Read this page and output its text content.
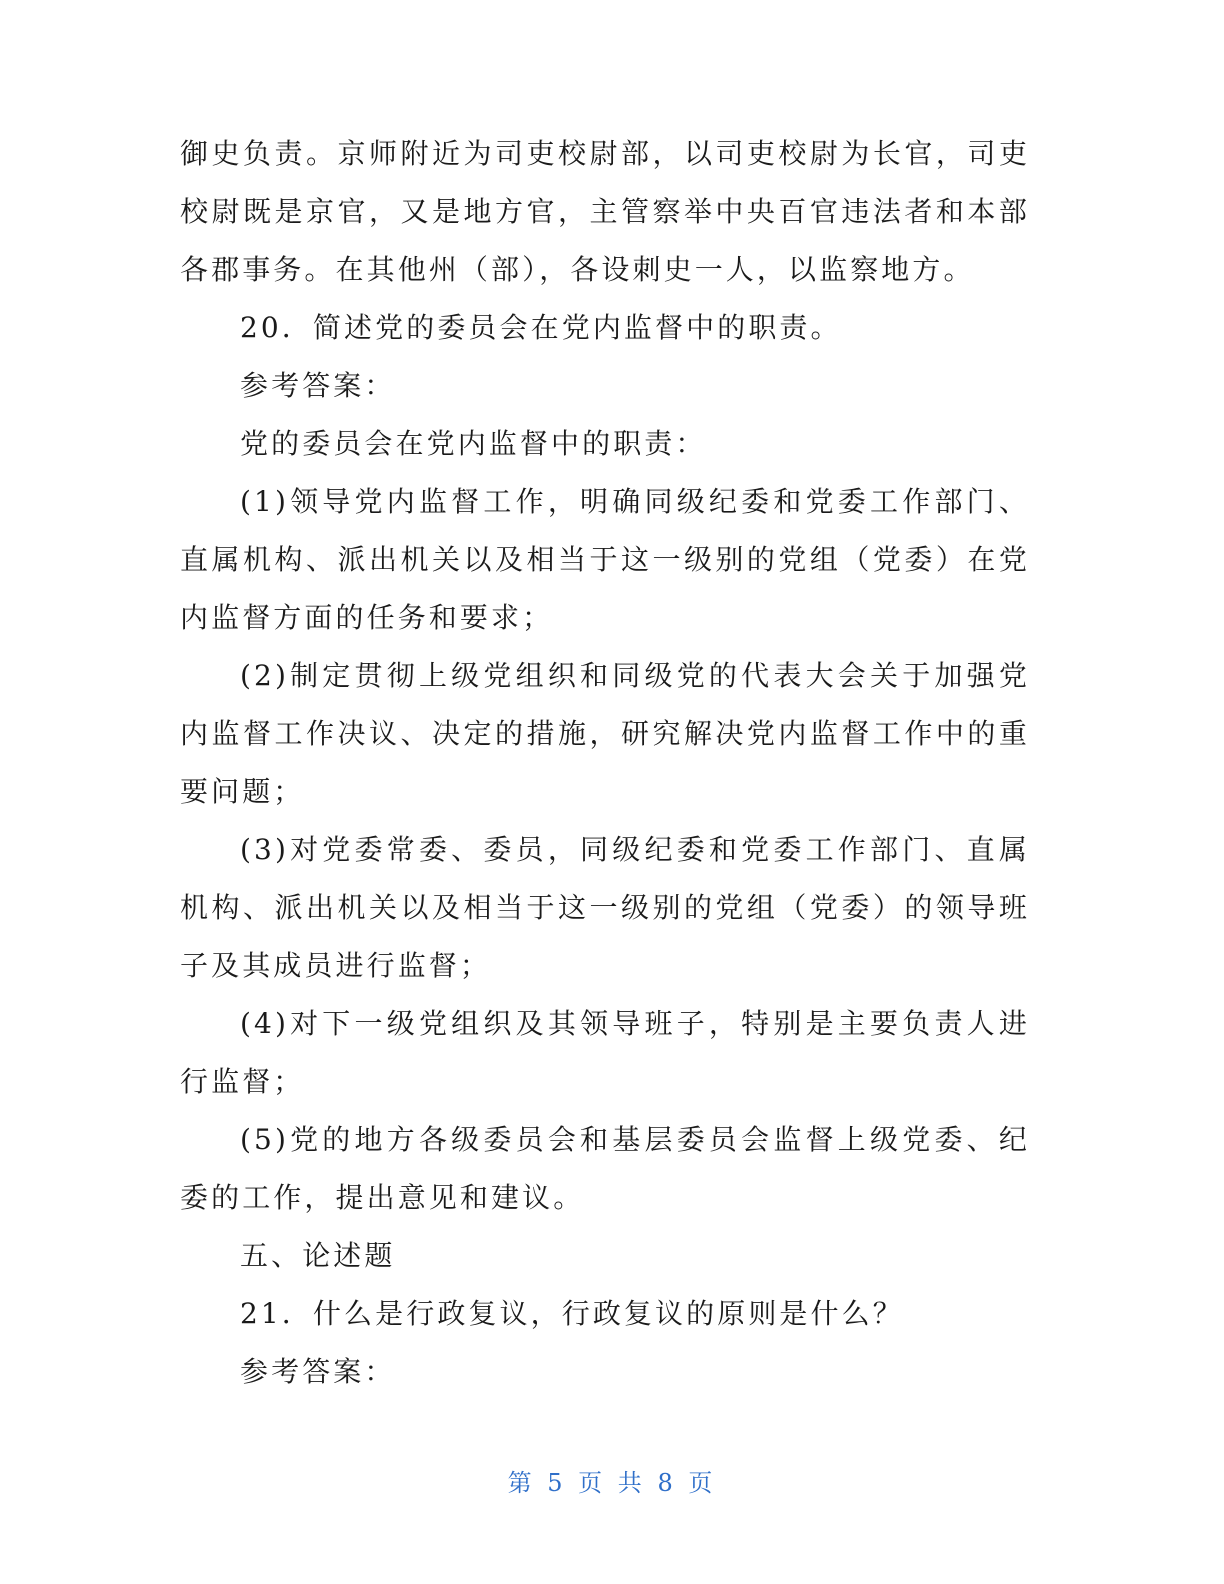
御史负责。京师附近为司吏校尉部，以司吏校尉为长官，司吏校尉既是京官，又是地方官，主管察举中央百官违法者和本部各郡事务。在其他州（部），各设刺史一人，以监察地方。

20．简述党的委员会在党内监督中的职责。

参考答案：

党的委员会在党内监督中的职责：

(1)领导党内监督工作，明确同级纪委和党委工作部门、直属机构、派出机关以及相当于这一级别的党组（党委）在党内监督方面的任务和要求；

(2)制定贯彻上级党组织和同级党的代表大会关于加强党内监督工作决议、决定的措施，研究解决党内监督工作中的重要问题；

(3)对党委常委、委员，同级纪委和党委工作部门、直属机构、派出机关以及相当于这一级别的党组（党委）的领导班子及其成员进行监督；

(4)对下一级党组织及其领导班子，特别是主要负责人进行监督；

(5)党的地方各级委员会和基层委员会监督上级党委、纪委的工作，提出意见和建议。

五、论述题

21．什么是行政复议，行政复议的原则是什么？

参考答案：

第 5 页 共 8 页
